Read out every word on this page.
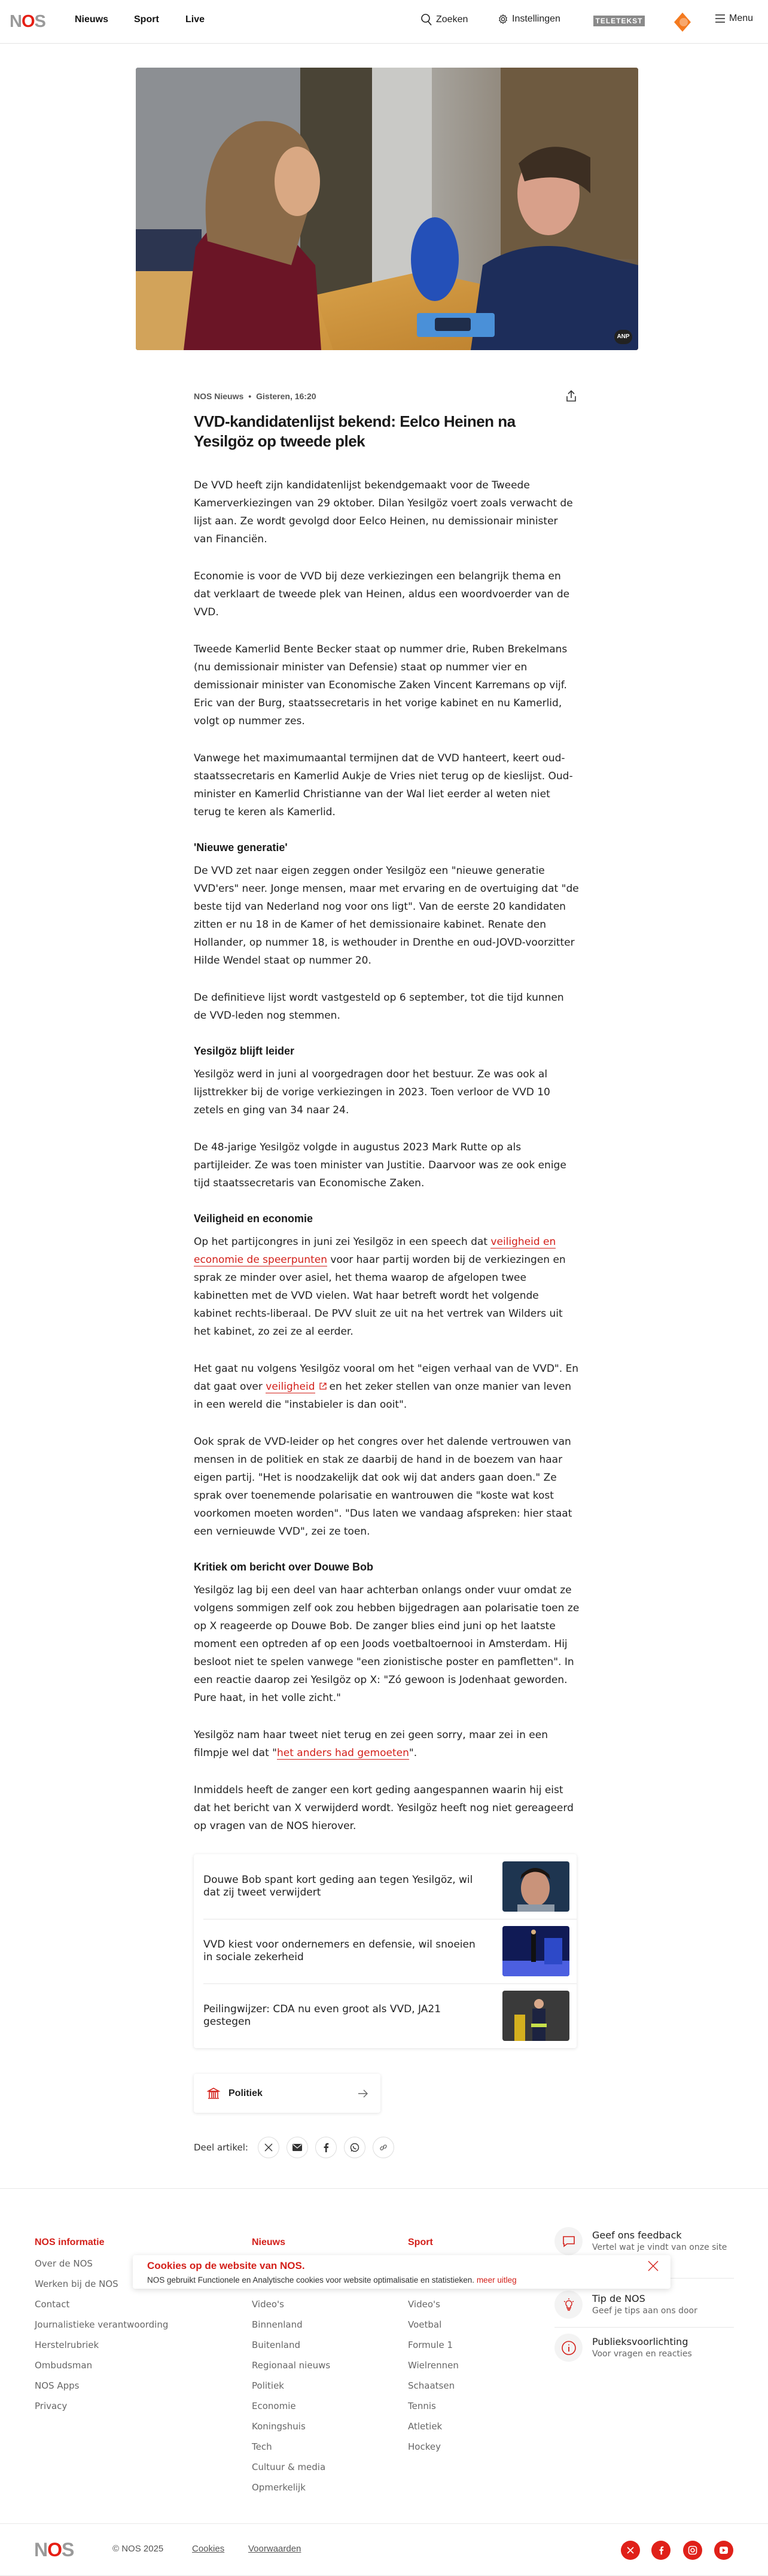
NOS	Nieuws	Sport	Live	Zoeken	Instellingen	TELETEKST	Menu
ANP
NOS Nieuws • Gisteren, 16:20
VVD-kandidatenlijst bekend: Eelco Heinen na Yesilgöz op tweede plek

De VVD heeft zijn kandidatenlijst bekendgemaakt voor de Tweede Kamerverkiezingen van 29 oktober. Dilan Yesilgöz voert zoals verwacht de lijst aan. Ze wordt gevolgd door Eelco Heinen, nu demissionair minister van Financiën.

Economie is voor de VVD bij deze verkiezingen een belangrijk thema en dat verklaart de tweede plek van Heinen, aldus een woordvoerder van de VVD.

Tweede Kamerlid Bente Becker staat op nummer drie, Ruben Brekelmans (nu demissionair minister van Defensie) staat op nummer vier en demissionair minister van Economische Zaken Vincent Karremans op vijf. Eric van der Burg, staatssecretaris in het vorige kabinet en nu Kamerlid, volgt op nummer zes.

Vanwege het maximumaantal termijnen dat de VVD hanteert, keert oud-staatssecretaris en Kamerlid Aukje de Vries niet terug op de kieslijst. Oud-minister en Kamerlid Christianne van der Wal liet eerder al weten niet terug te keren als Kamerlid.

'Nieuwe generatie'

De VVD zet naar eigen zeggen onder Yesilgöz een "nieuwe generatie VVD'ers" neer. Jonge mensen, maar met ervaring en de overtuiging dat "de beste tijd van Nederland nog voor ons ligt". Van de eerste 20 kandidaten zitten er nu 18 in de Kamer of het demissionaire kabinet. Renate den Hollander, op nummer 18, is wethouder in Drenthe en oud-JOVD-voorzitter Hilde Wendel staat op nummer 20.

De definitieve lijst wordt vastgesteld op 6 september, tot die tijd kunnen de VVD-leden nog stemmen.

Yesilgöz blijft leider

Yesilgöz werd in juni al voorgedragen door het bestuur. Ze was ook al lijsttrekker bij de vorige verkiezingen in 2023. Toen verloor de VVD 10 zetels en ging van 34 naar 24.

De 48-jarige Yesilgöz volgde in augustus 2023 Mark Rutte op als partijleider. Ze was toen minister van Justitie. Daarvoor was ze ook enige tijd staatssecretaris van Economische Zaken.

Veiligheid en economie

Op het partijcongres in juni zei Yesilgöz in een speech dat veiligheid en economie de speerpunten voor haar partij worden bij de verkiezingen en sprak ze minder over asiel, het thema waarop de afgelopen twee kabinetten met de VVD vielen. Wat haar betreft wordt het volgende kabinet rechts-liberaal. De PVV sluit ze uit na het vertrek van Wilders uit het kabinet, zo zei ze al eerder.

Het gaat nu volgens Yesilgöz vooral om het "eigen verhaal van de VVD". En dat gaat over veiligheid en het zeker stellen van onze manier van leven in een wereld die "instabieler is dan ooit".

Ook sprak de VVD-leider op het congres over het dalende vertrouwen van mensen in de politiek en stak ze daarbij de hand in de boezem van haar eigen partij. "Het is noodzakelijk dat ook wij dat anders gaan doen." Ze sprak over toenemende polarisatie en wantrouwen die "koste wat kost voorkomen moeten worden". "Dus laten we vandaag afspreken: hier staat een vernieuwde VVD", zei ze toen.

Kritiek om bericht over Douwe Bob

Yesilgöz lag bij een deel van haar achterban onlangs onder vuur omdat ze volgens sommigen zelf ook zou hebben bijgedragen aan polarisatie toen ze op X reageerde op Douwe Bob. De zanger blies eind juni op het laatste moment een optreden af op een Joods voetbaltoernooi in Amsterdam. Hij besloot niet te spelen vanwege "een zionistische poster en pamfletten". In een reactie daarop zei Yesilgöz op X: "Zó gewoon is Jodenhaat geworden. Pure haat, in het volle zicht."

Yesilgöz nam haar tweet niet terug en zei geen sorry, maar zei in een filmpje wel dat "het anders had gemoeten".

Inmiddels heeft de zanger een kort geding aangespannen waarin hij eist dat het bericht van X verwijderd wordt. Yesilgöz heeft nog niet gereageerd op vragen van de NOS hierover.

Douwe Bob spant kort geding aan tegen Yesilgöz, wil dat zij tweet verwijdert
VVD kiest voor ondernemers en defensie, wil snoeien in sociale zekerheid
Peilingwijzer: CDA nu even groot als VVD, JA21 gestegen
Politiek
Deel artikel:
NOS informatie
Over de NOS
Werken bij de NOS
Contact
Journalistieke verantwoording
Herstelrubriek
Ombudsman
NOS Apps
Privacy
Nieuws
Video's
Binnenland
Buitenland
Regionaal nieuws
Politiek
Economie
Koningshuis
Tech
Cultuur & media
Opmerkelijk
Sport
Video's
Voetbal
Formule 1
Wielrennen
Schaatsen
Tennis
Atletiek
Hockey
Geef ons feedback
Vertel wat je vindt van onze site
Tip de NOS
Geef je tips aan ons door
Publieksvoorlichting
Voor vragen en reacties
Cookies op de website van NOS.
NOS gebruikt Functionele en Analytische cookies voor website optimalisatie en statistieken. meer uitleg
NOS	© NOS 2025	Cookies	Voorwaarden
